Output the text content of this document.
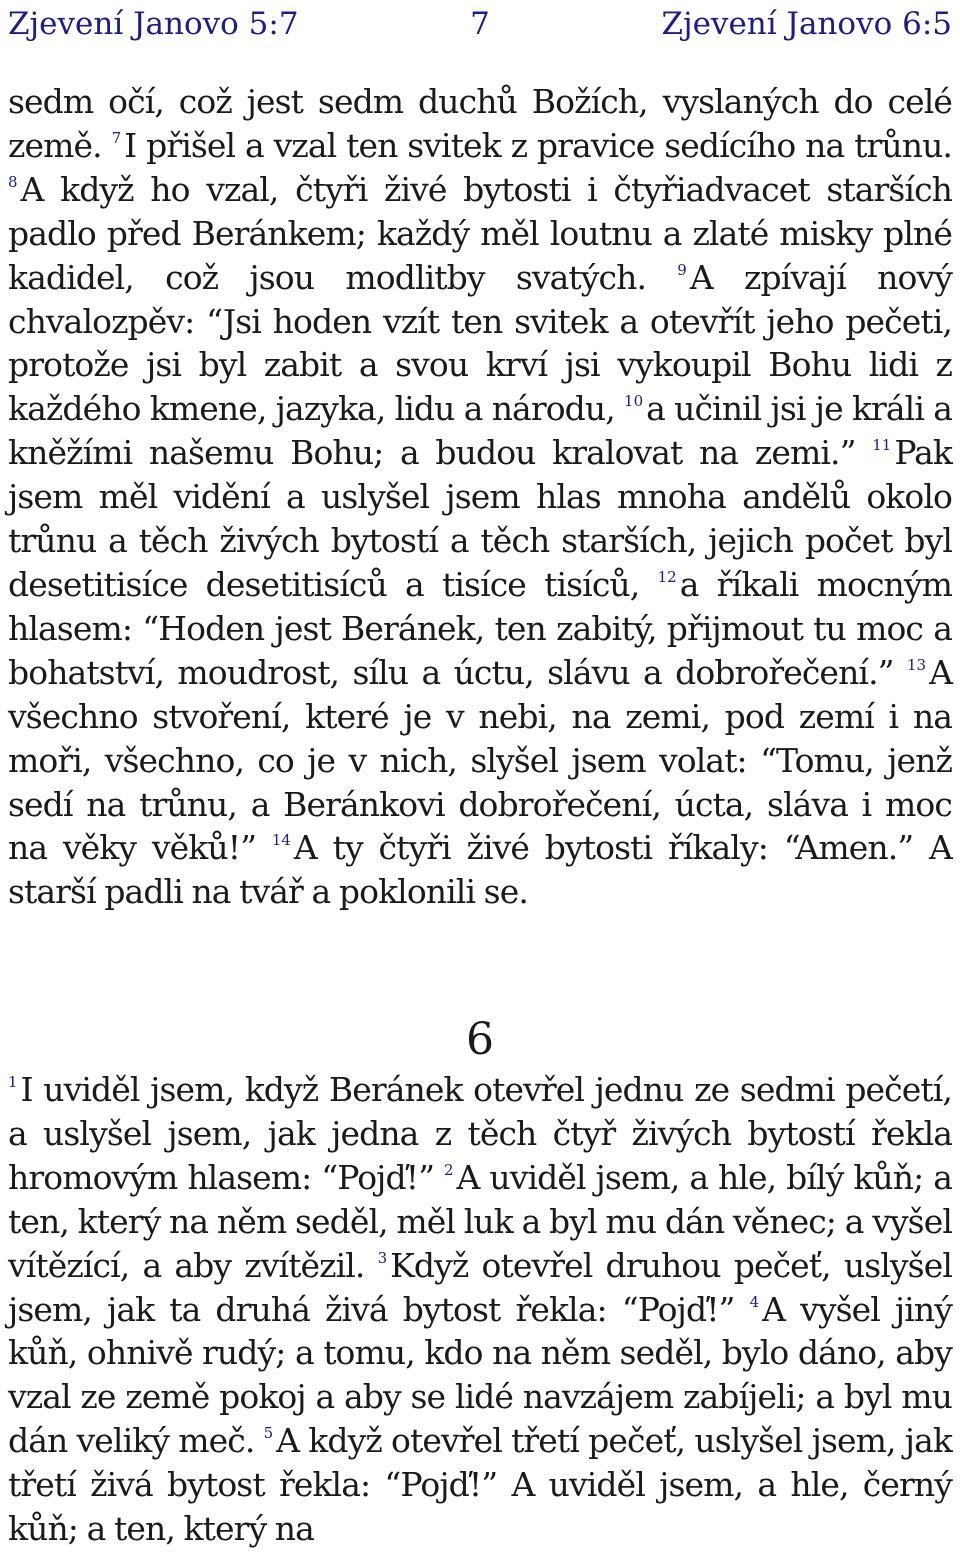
Zjevení Janovo 5:7	7	Zjevení Janovo 6:5
sedm očí, což jest sedm duchů Božích, vyslaných do celé země. $^7$I přišel a vzal ten svitek z pravice sedícího na trůnu. $^8$A když ho vzal, čtyři živé bytosti i čtyřiadvacet starších padlo před Beránkem; každý měl loutnu a zlaté misky plné kadidel, což jsou modlitby svatých. $^9$A zpívají nový chvalozpěv: “Jsi hoden vzít ten svitek a otevřít jeho pečeti, protože jsi byl zabit a svou krví jsi vykoupil Bohu lidi z každého kmene, jazyka, lidu a národu, $^{10}$a učinil jsi je králi a kněžími našemu Bohu; a budou kralovat na zemi.” $^{11}$Pak jsem měl vidění a uslyšel jsem hlas mnoha andělů okolo trůnu a těch živých bytostí a těch starších, jejich počet byl desetitisíce desetitisíců a tisíce tisíců, $^{12}$a říkali mocným hlasem: “Hoden jest Beránek, ten zabitý, přijmout tu moc a bohatství, moudrost, sílu a úctu, slávu a dobrořečení.” $^{13}$A všechno stvoření, které je v nebi, na zemi, pod zemí i na moři, všechno, co je v nich, slyšel jsem volat: “Tomu, jenž sedí na trůnu, a Beránkovi dobrořečení, úcta, sláva i moc na věky věků!” $^{14}$A ty čtyři živé bytosti říkaly: “Amen.” A starší padli na tvář a poklonili se.
6
$^1$I uviděl jsem, když Beránek otevřel jednu ze sedmi pečetí, a uslyšel jsem, jak jedna z těch čtyř živých bytostí řekla hromovým hlasem: “Pojď!” $^2$A uviděl jsem, a hle, bílý kůň; a ten, který na něm seděl, měl luk a byl mu dán věnec; a vyšel vítězící, a aby zvítězil. $^3$Když otevřel druhou pečeť, uslyšel jsem, jak ta druhá živá bytost řekla: “Pojď!” $^4$A vyšel jiný kůň, ohnivě rudý; a tomu, kdo na něm seděl, bylo dáno, aby vzal ze země pokoj a aby se lidé navzájem zabíjeli; a byl mu dán veliký meč. $^5$A když otevřel třetí pečeť, uslyšel jsem, jak třetí živá bytost řekla: “Pojď!” A uviděl jsem, a hle, černý kůň; a ten, který na
